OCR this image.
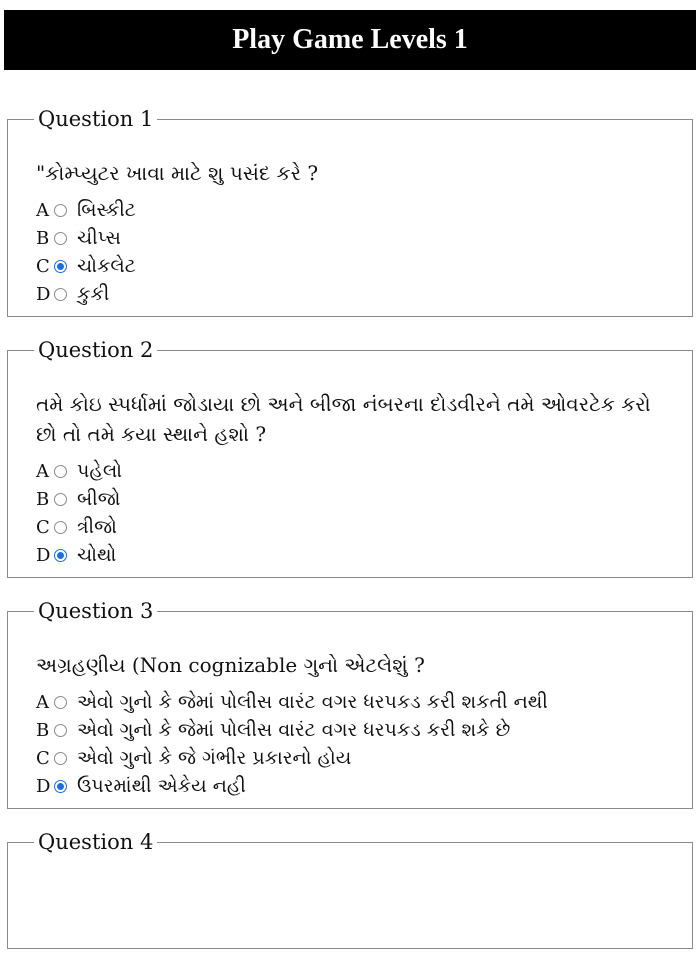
Play Game Levels 1
Question 1
"કોમ્પ્યુટર ખાવા માટે શુ પસંદ કરે ?
A બિસ્કીટ
B ચીપ્સ
C ચોકલેટ
D કુકી
Question 2
તમે કોઇ સ્પર્ધામાં જોડાયા છો અને બીજા નંબરના દોડવીરને તમે ઓવરટેક કરો છો તો તમે કયા સ્થાને હશો ?
A પહેલો
B બીજો
C ત્રીજો
D ચોથો
Question 3
અગ્રહણીય (Non cognizable ગુનો એટલેશું ?
A એવો ગુનો કે જેમાં પોલીસ વારંટ વગર ધરપકડ કરી શકતી નથી
B એવો ગુનો કે જેમાં પોલીસ વારંટ વગર ધરપકડ કરી શકે છે
C એવો ગુનો કે જે ગંભીર પ્રકારનો હોય
D ઉપરમાંથી એકેય નહી
Question 4
